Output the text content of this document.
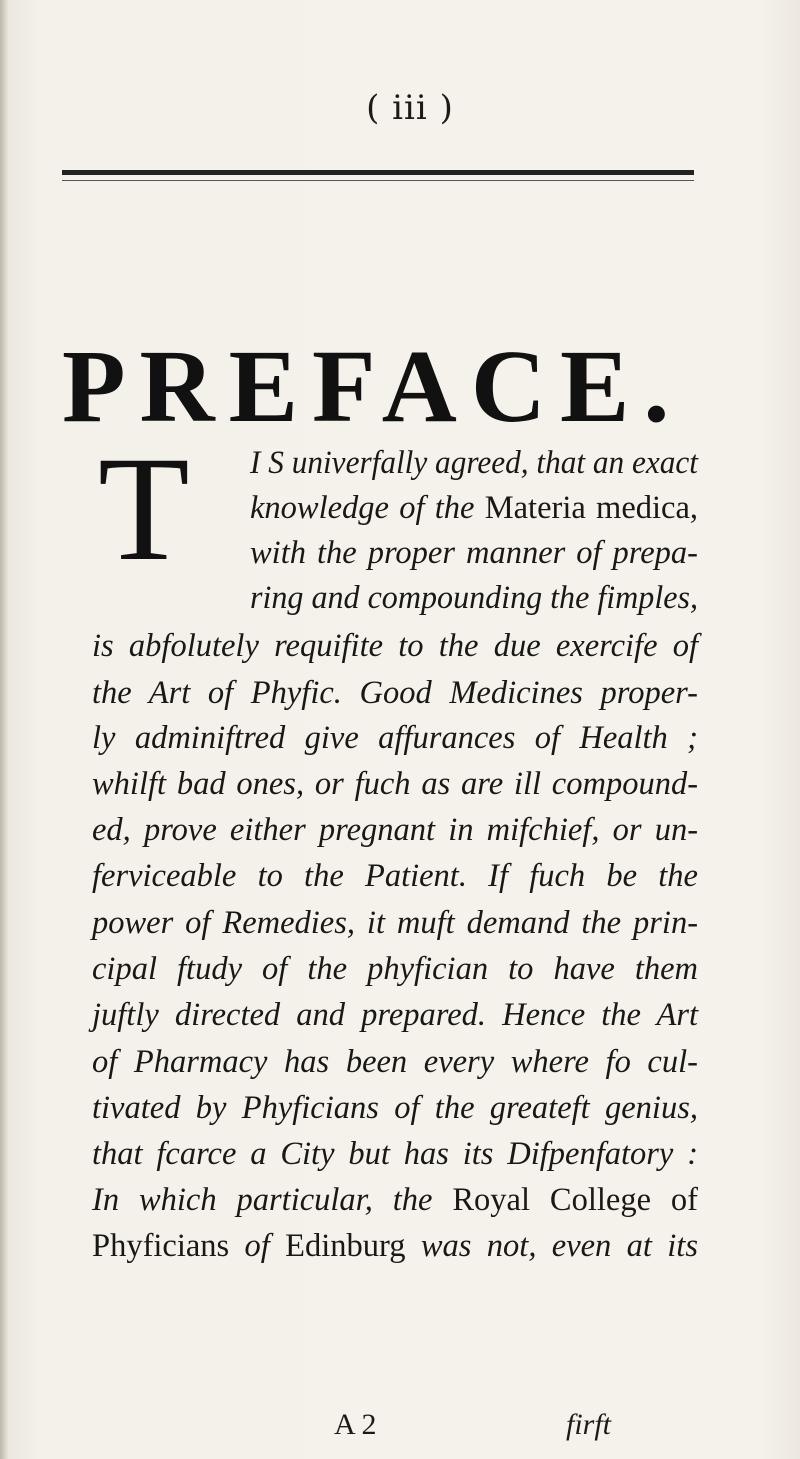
( iii )
PREFACE.
T I S univerfally agreed, that an exact
knowledge of the Materia medica,
with the proper manner of prepa-
ring and compounding the fimples,
is abfolutely requifite to the due exercife of
the Art of Phyfic. Good Medicines proper-
ly adminiftred give affurances of Health ;
whilft bad ones, or fuch as are ill compound-
ed, prove either pregnant in mifchief, or un-
ferviceable to the Patient. If fuch be the
power of Remedies, it muft demand the prin-
cipal ftudy of the phyfician to have them
juftly directed and prepared. Hence the Art
of Pharmacy has been every where fo cul-
tivated by Phyficians of the greateft genius,
that fcarce a City but has its Difpenfatory :
In which particular, the Royal College of
Phyficians of Edinburg was not, even at its
A 2	firft
